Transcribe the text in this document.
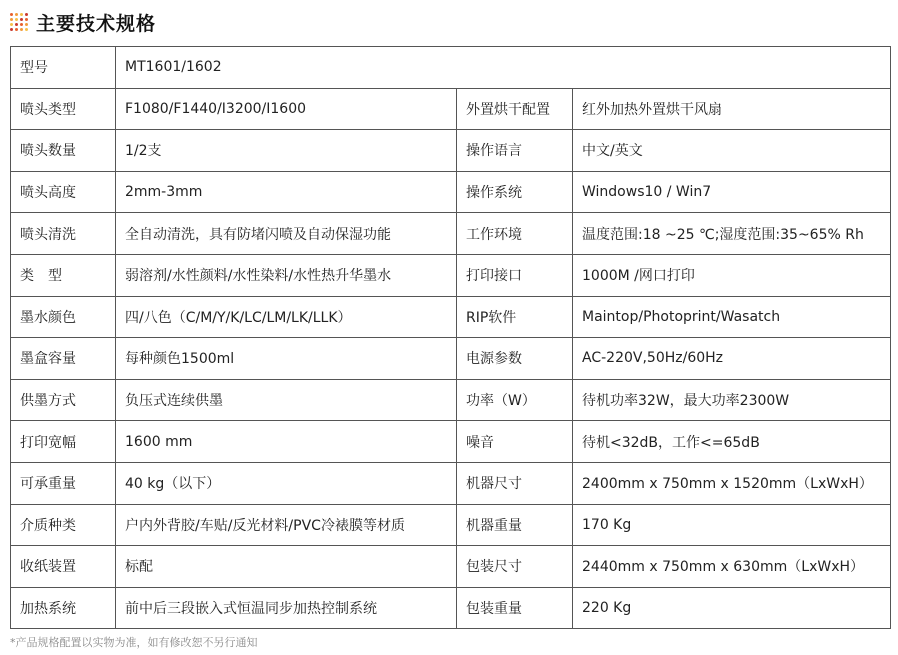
主要技术规格
型号	MT1601/1602		
喷头类型	F1080/F1440/I3200/I1600	外置烘干配置	红外加热外置烘干风扇
喷头数量	1/2支	操作语言	中文/英文
喷头高度	2mm-3mm	操作系统	Windows10 / Win7
喷头清洗	全自动清洗，具有防堵闪喷及自动保湿功能	工作环境	温度范围:18 ~25 ℃;湿度范围:35~65% Rh
类　型	弱溶剂/水性颜料/水性染料/水性热升华墨水	打印接口	1000M /网口打印
墨水颜色	四/八色（C/M/Y/K/LC/LM/LK/LLK）	RIP软件	Maintop/Photoprint/Wasatch
墨盒容量	每种颜色1500ml	电源参数	AC-220V,50Hz/60Hz
供墨方式	负压式连续供墨	功率（W）	待机功率32W，最大功率2300W
打印宽幅	1600 mm	噪音	待机<32dB，工作<=65dB
可承重量	40 kg（以下）	机器尺寸	2400mm x 750mm x 1520mm（LxWxH）
介质种类	户内外背胶/车贴/反光材料/PVC冷裱膜等材质	机器重量	170 Kg
收纸装置	标配	包装尺寸	2440mm x 750mm x 630mm（LxWxH）
加热系统	前中后三段嵌入式恒温同步加热控制系统	包装重量	220 Kg
*产品规格配置以实物为准，如有修改恕不另行通知
